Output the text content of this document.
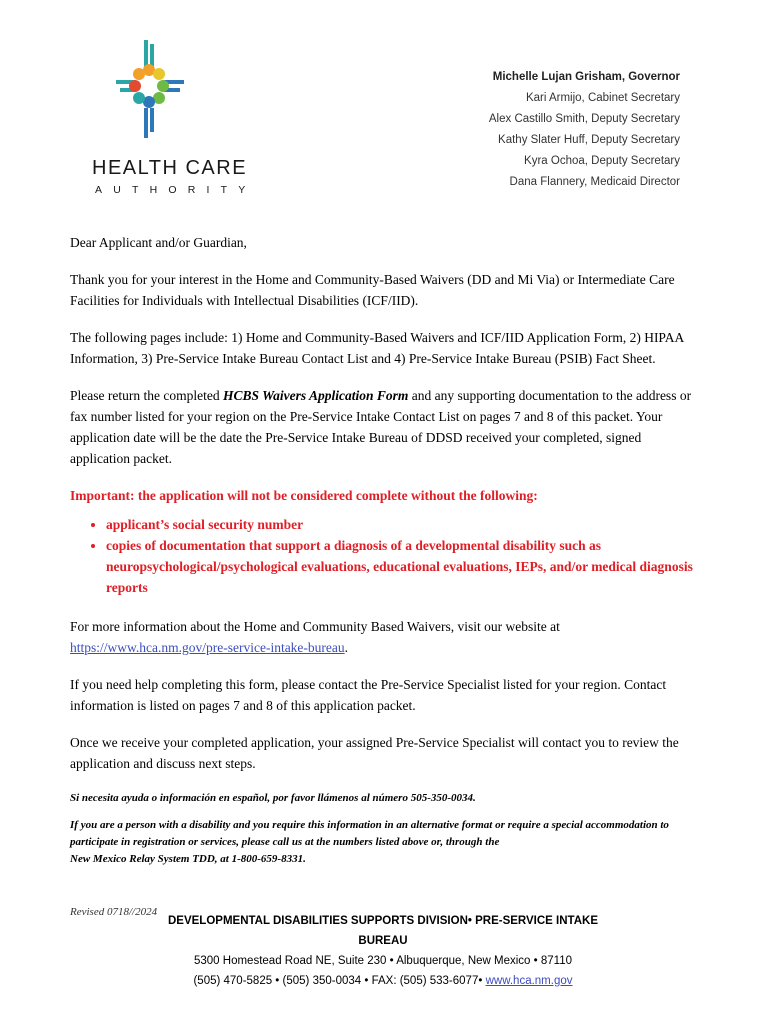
HEALTH CARE
AUTHORITY
Michelle Lujan Grisham, Governor
Kari Armijo, Cabinet Secretary
Alex Castillo Smith, Deputy Secretary
Kathy Slater Huff, Deputy Secretary
Kyra Ochoa, Deputy Secretary
Dana Flannery, Medicaid Director

Dear Applicant and/or Guardian,

Thank you for your interest in the Home and Community-Based Waivers (DD and Mi Via) or Intermediate Care Facilities for Individuals with Intellectual Disabilities (ICF/IID).

The following pages include: 1) Home and Community-Based Waivers and ICF/IID Application Form, 2) HIPAA Information, 3) Pre-Service Intake Bureau Contact List and 4) Pre-Service Intake Bureau (PSIB) Fact Sheet.

Please return the completed HCBS Waivers Application Form and any supporting documentation to the address or fax number listed for your region on the Pre-Service Intake Contact List on pages 7 and 8 of this packet. Your application date will be the date the Pre-Service Intake Bureau of DDSD received your completed, signed application packet.

Important: the application will not be considered complete without the following:

• applicant’s social security number
• copies of documentation that support a diagnosis of a developmental disability such as neuropsychological/psychological evaluations, educational evaluations, IEPs, and/or medical diagnosis reports

For more information about the Home and Community Based Waivers, visit our website at https://www.hca.nm.gov/pre-service-intake-bureau.

If you need help completing this form, please contact the Pre-Service Specialist listed for your region. Contact information is listed on pages 7 and 8 of this application packet.

Once we receive your completed application, your assigned Pre-Service Specialist will contact you to review the application and discuss next steps.

Si necesita ayuda o información en español, por favor llámenos al número 505-350-0034.

If you are a person with a disability and you require this information in an alternative format or require a special accommodation to participate in registration or services, please call us at the numbers listed above or, through the
New Mexico Relay System TDD, at 1-800-659-8331.

Revised 0718//2024
DEVELOPMENTAL DISABILITIES SUPPORTS DIVISION• PRE-SERVICE INTAKE BUREAU
5300 Homestead Road NE, Suite 230 • Albuquerque, New Mexico • 87110
(505) 470-5825 • (505) 350-0034 • FAX: (505) 533-6077• www.hca.nm.gov
